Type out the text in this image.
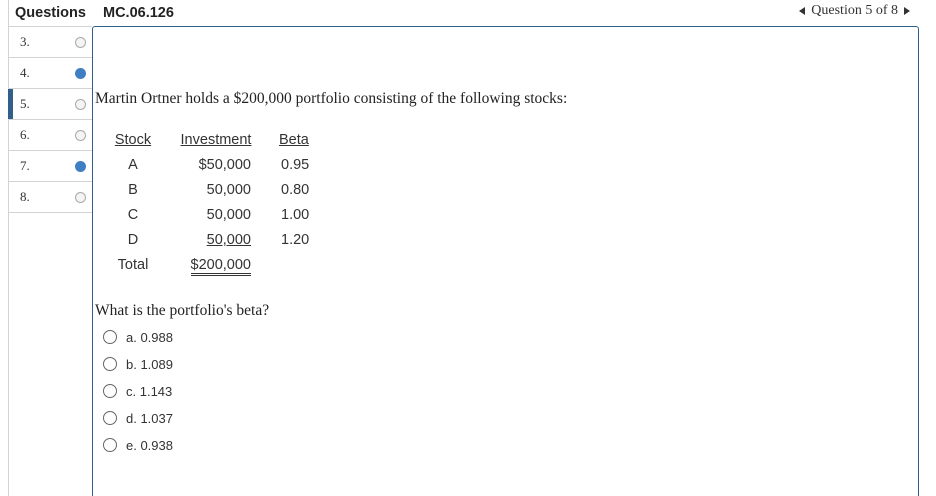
Questions
3.
4.
5.
6.
7.
8.
MC.06.126	Question 5 of 8
Martin Ortner holds a $200,000 portfolio consisting of the following stocks:
Stock Investment Beta
A	$50,000 0.95
B	50,000 0.80
C	50,000 1.00
D	50,000 1.20
Total	$200,000
What is the portfolio's beta?
a. 0.988
b. 1.089
c. 1.143
d. 1.037
e. 0.938
